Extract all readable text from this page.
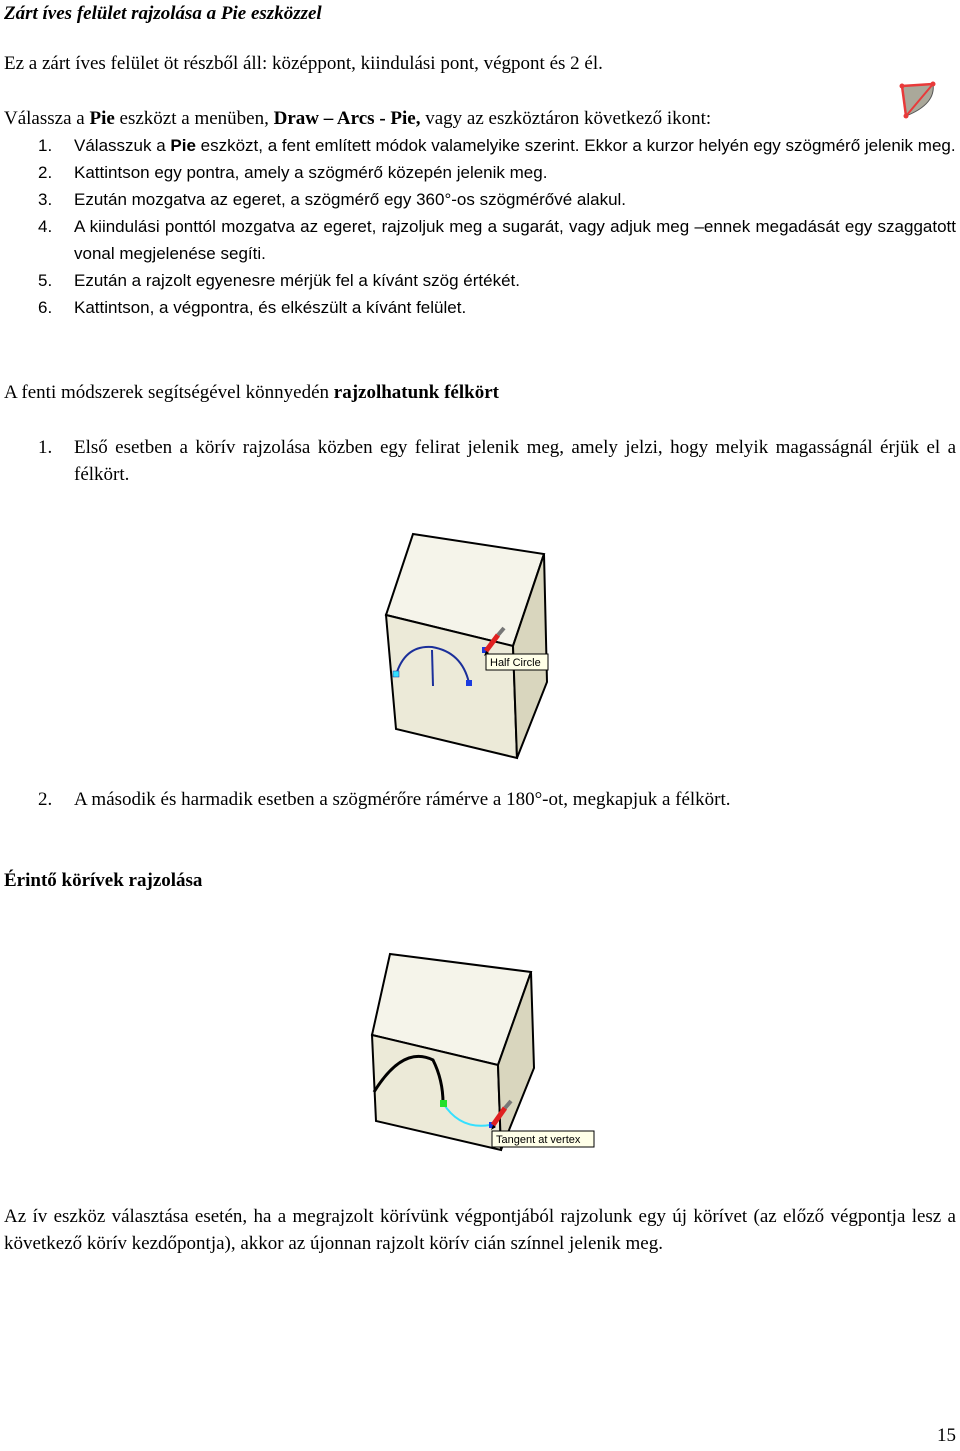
Zárt íves felület rajzolása a Pie eszközzel
Ez a zárt íves felület öt részből áll: középpont, kiindulási pont, végpont és 2 él.
Válassza a Pie eszközt a menüben, Draw – Arcs - Pie, vagy az eszköztáron következő ikont:
1. Válasszuk a Pie eszközt, a fent említett módok valamelyike szerint. Ekkor a kurzor helyén egy szögmérő jelenik meg.
2. Kattintson egy pontra, amely a szögmérő közepén jelenik meg.
3. Ezután mozgatva az egeret, a szögmérő egy 360°-os szögmérővé alakul.
4. A kiindulási ponttól mozgatva az egeret, rajzoljuk meg a sugarát, vagy adjuk meg –ennek megadását egy szaggatott vonal megjelenése segíti.
5. Ezután a rajzolt egyenesre mérjük fel a kívánt szög értékét.
6. Kattintson, a végpontra, és elkészült a kívánt felület.
A fenti módszerek segítségével könnyedén rajzolhatunk félkört
1. Első esetben a körív rajzolása közben egy felirat jelenik meg, amely jelzi, hogy melyik magasságnál érjük el a félkört.
Half Circle
2. A második és harmadik esetben a szögmérőre rámérve a 180°-ot, megkapjuk a félkört.
Érintő körívek rajzolása
Tangent at vertex
Az ív eszköz választása esetén, ha a megrajzolt körívünk végpontjából rajzolunk egy új körívet (az előző végpontja lesz a következő körív kezdőpontja), akkor az újonnan rajzolt körív cián színnel jelenik meg.
15
